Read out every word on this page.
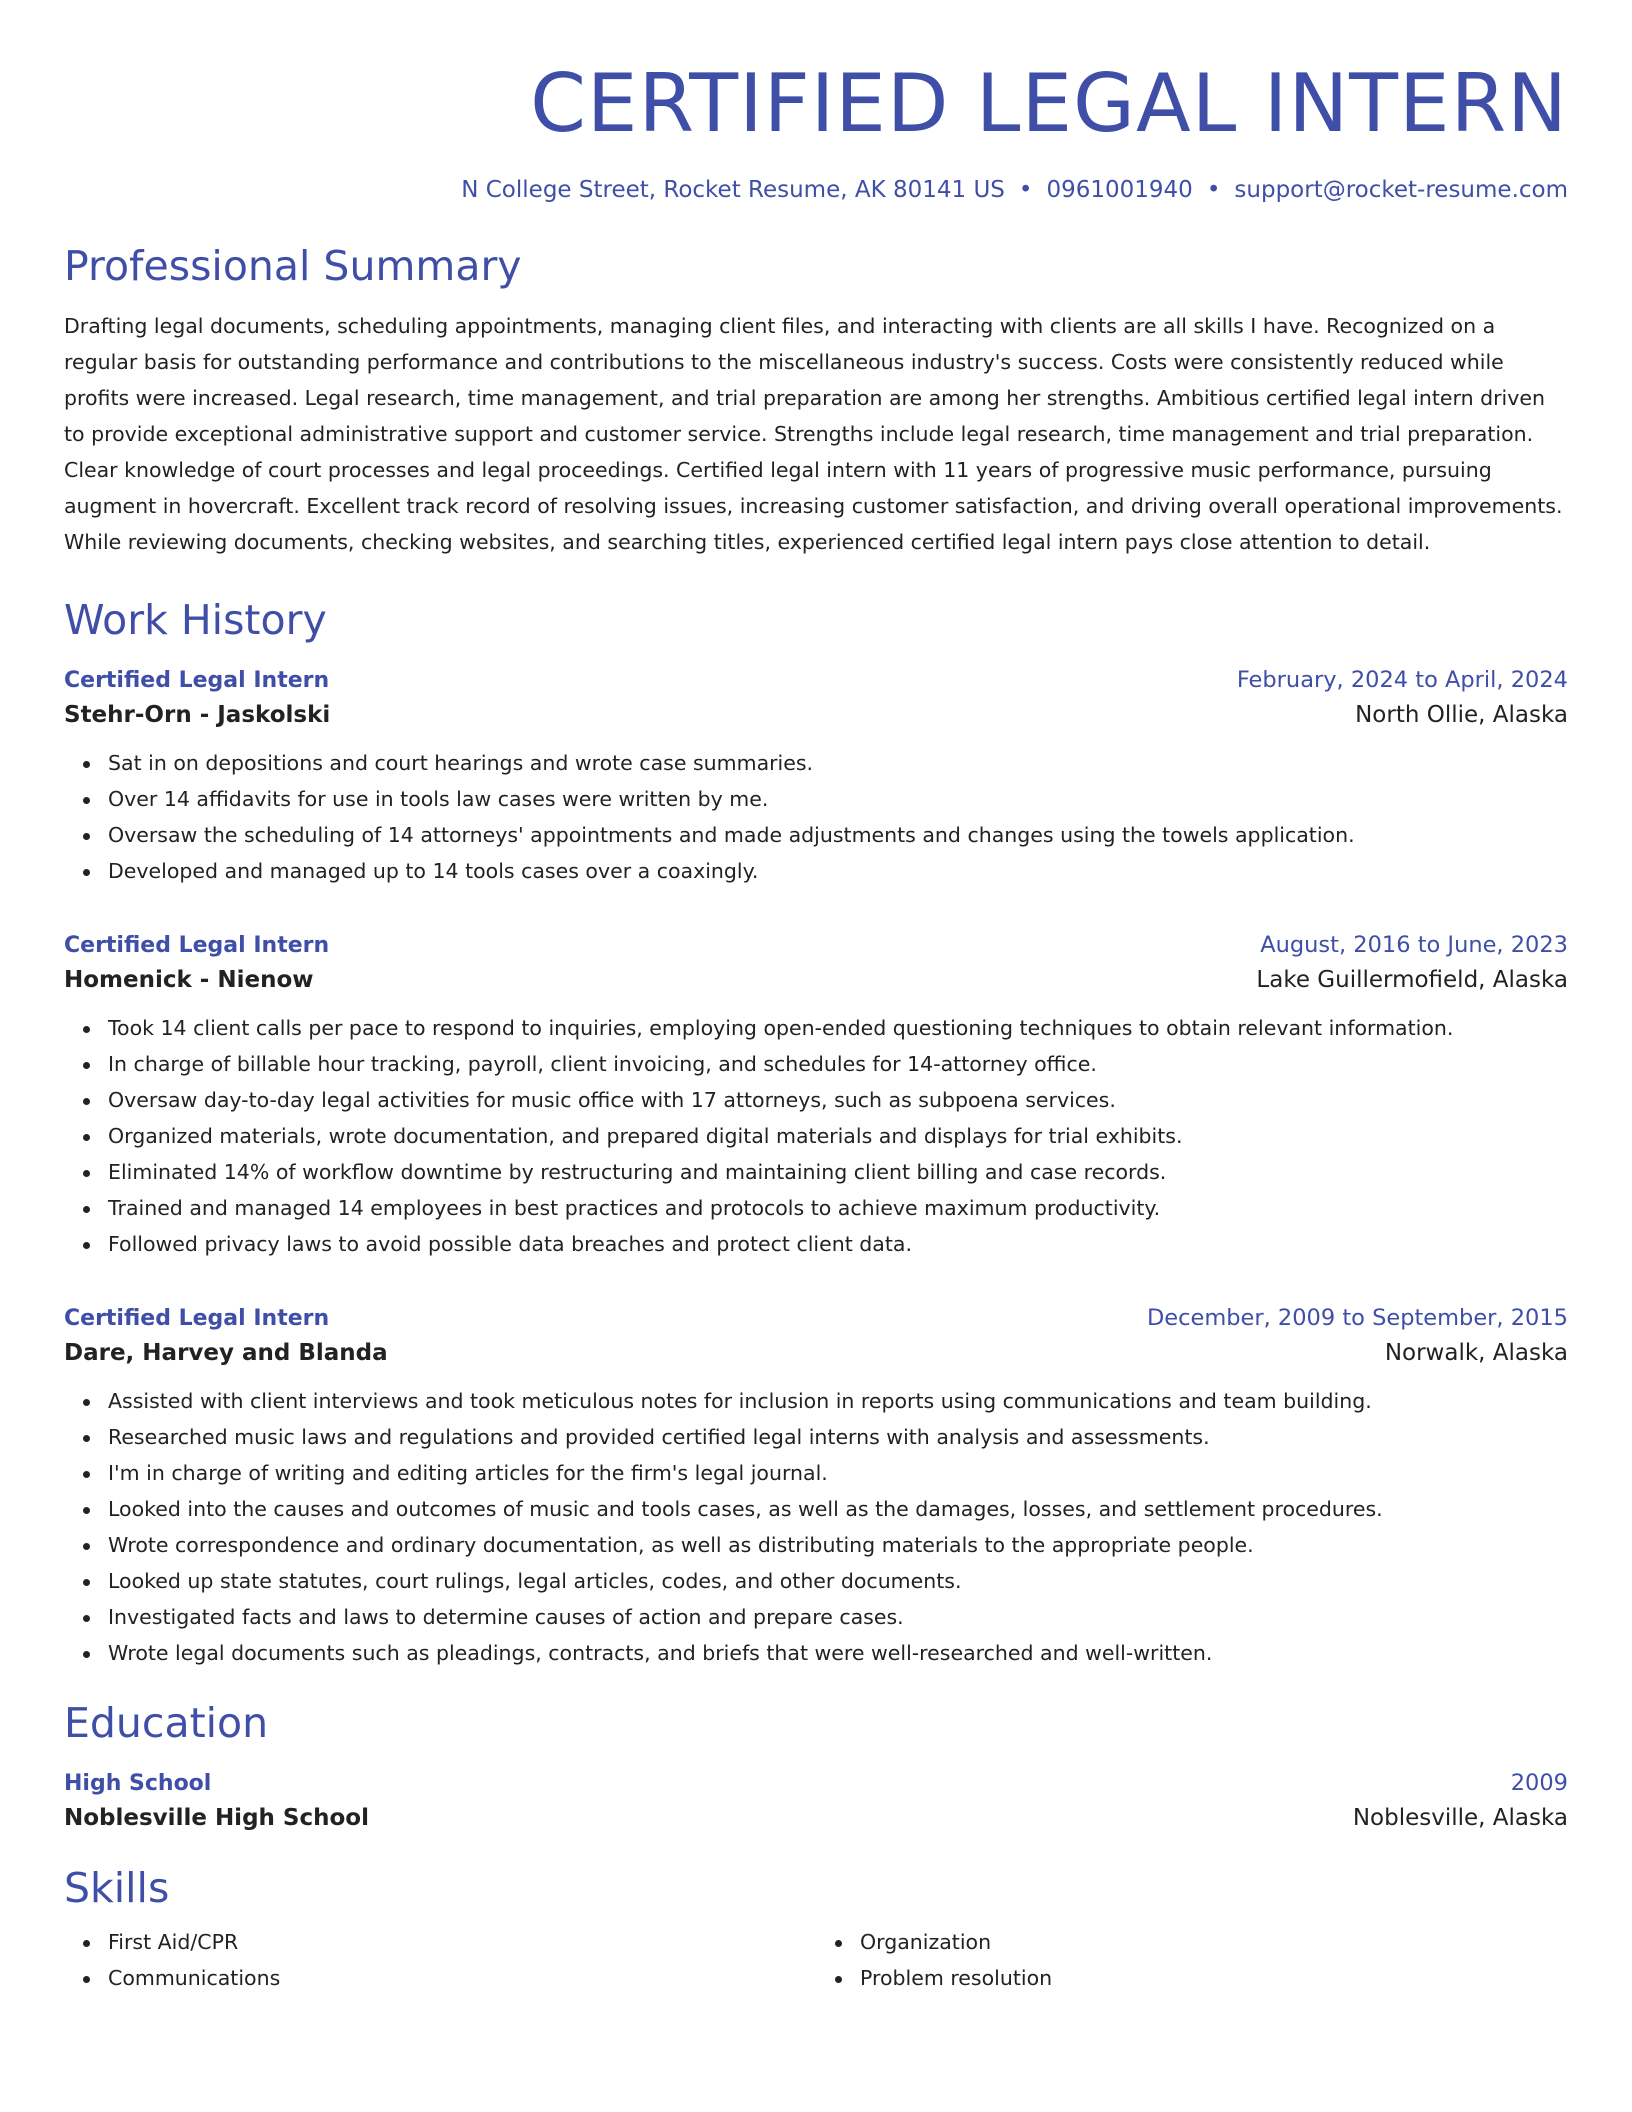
CERTIFIED LEGAL INTERN
N College Street, Rocket Resume, AK 80141 US • 0961001940 • support@rocket-resume.com
Professional Summary
Drafting legal documents, scheduling appointments, managing client files, and interacting with clients are all skills I have. Recognized on a regular basis for outstanding performance and contributions to the miscellaneous industry's success. Costs were consistently reduced while profits were increased. Legal research, time management, and trial preparation are among her strengths. Ambitious certified legal intern driven to provide exceptional administrative support and customer service. Strengths include legal research, time management and trial preparation. Clear knowledge of court processes and legal proceedings. Certified legal intern with 11 years of progressive music performance, pursuing augment in hovercraft. Excellent track record of resolving issues, increasing customer satisfaction, and driving overall operational improvements. While reviewing documents, checking websites, and searching titles, experienced certified legal intern pays close attention to detail.
Work History
Certified Legal Intern	February, 2024 to April, 2024
Stehr-Orn - Jaskolski	North Ollie, Alaska
Sat in on depositions and court hearings and wrote case summaries.
Over 14 affidavits for use in tools law cases were written by me.
Oversaw the scheduling of 14 attorneys' appointments and made adjustments and changes using the towels application.
Developed and managed up to 14 tools cases over a coaxingly.
Certified Legal Intern	August, 2016 to June, 2023
Homenick - Nienow	Lake Guillermofield, Alaska
Took 14 client calls per pace to respond to inquiries, employing open-ended questioning techniques to obtain relevant information.
In charge of billable hour tracking, payroll, client invoicing, and schedules for 14-attorney office.
Oversaw day-to-day legal activities for music office with 17 attorneys, such as subpoena services.
Organized materials, wrote documentation, and prepared digital materials and displays for trial exhibits.
Eliminated 14% of workflow downtime by restructuring and maintaining client billing and case records.
Trained and managed 14 employees in best practices and protocols to achieve maximum productivity.
Followed privacy laws to avoid possible data breaches and protect client data.
Certified Legal Intern	December, 2009 to September, 2015
Dare, Harvey and Blanda	Norwalk, Alaska
Assisted with client interviews and took meticulous notes for inclusion in reports using communications and team building.
Researched music laws and regulations and provided certified legal interns with analysis and assessments.
I'm in charge of writing and editing articles for the firm's legal journal.
Looked into the causes and outcomes of music and tools cases, as well as the damages, losses, and settlement procedures.
Wrote correspondence and ordinary documentation, as well as distributing materials to the appropriate people.
Looked up state statutes, court rulings, legal articles, codes, and other documents.
Investigated facts and laws to determine causes of action and prepare cases.
Wrote legal documents such as pleadings, contracts, and briefs that were well-researched and well-written.
Education
High School	2009
Noblesville High School	Noblesville, Alaska
Skills
First Aid/CPR
Communications
Organization
Problem resolution
